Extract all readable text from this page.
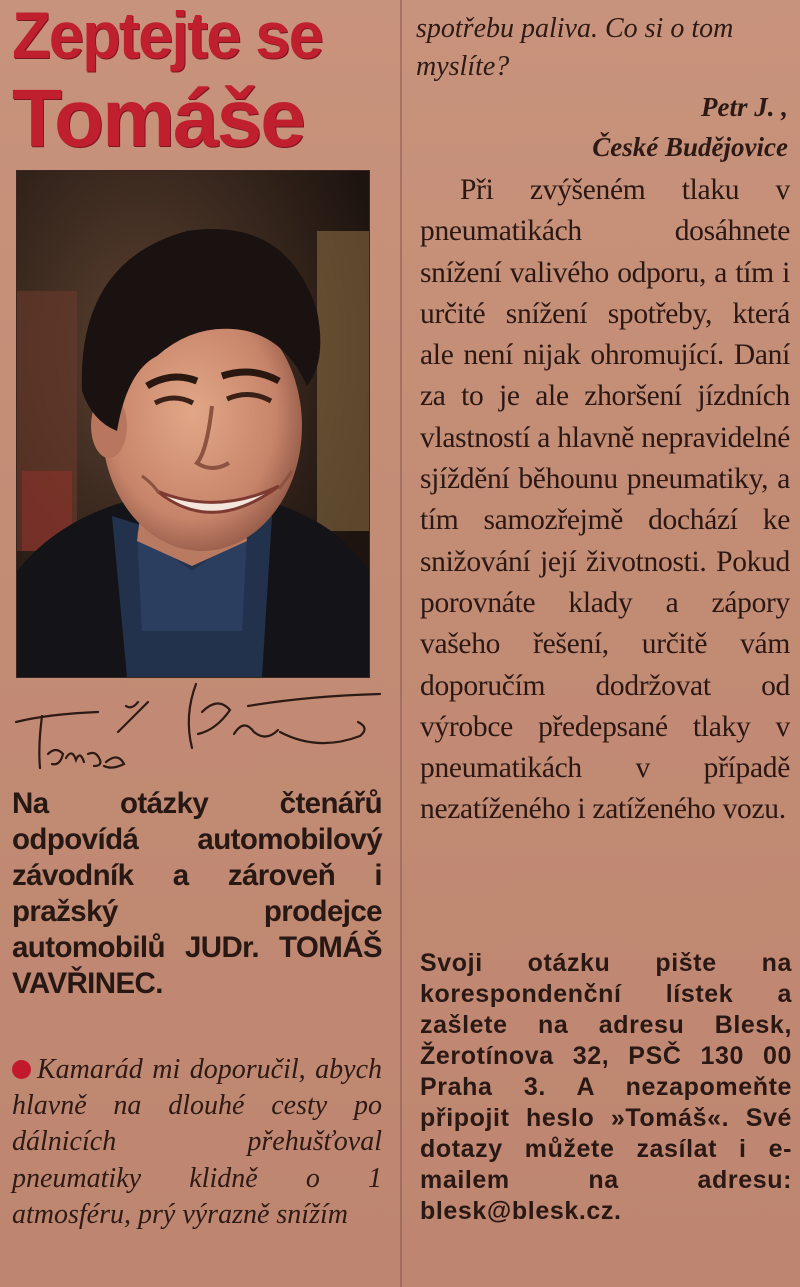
Zeptejte se
Tomáše

Na otázky čtenářů odpovídá automobilový závodník a zároveň i pražský prodejce automobilů JUDr. TOMÁŠ VAVŘINEC.

Kamarád mi doporučil, abych hlavně na dlouhé cesty po dálnicích přehušťoval pneumatiky klidně o 1 atmosféru, prý výrazně snížím

spotřebu paliva. Co si o tom myslíte?

Petr J. ,

České Budějovice

Při zvýšeném tlaku v pneumatikách dosáhnete snížení valivého odporu, a tím i určité snížení spotřeby, která ale není nijak ohromující. Daní za to je ale zhoršení jízdních vlastností a hlavně nepravidelné sjíždění běhounu pneumatiky, a tím samozřejmě dochází ke snižování její životnosti. Pokud porovnáte klady a zápory vašeho řešení, určitě vám doporučím dodržovat od výrobce předepsané tlaky v pneumatikách v případě nezatíženého i zatíženého vozu.

Svoji otázku pište na korespondenční lístek a zašlete na adresu Blesk, Žerotínova 32, PSČ 130 00 Praha 3. A nezapomeňte připojit heslo »Tomáš«. Své dotazy můžete zasílat i e-mailem na adresu: blesk@blesk.cz.
